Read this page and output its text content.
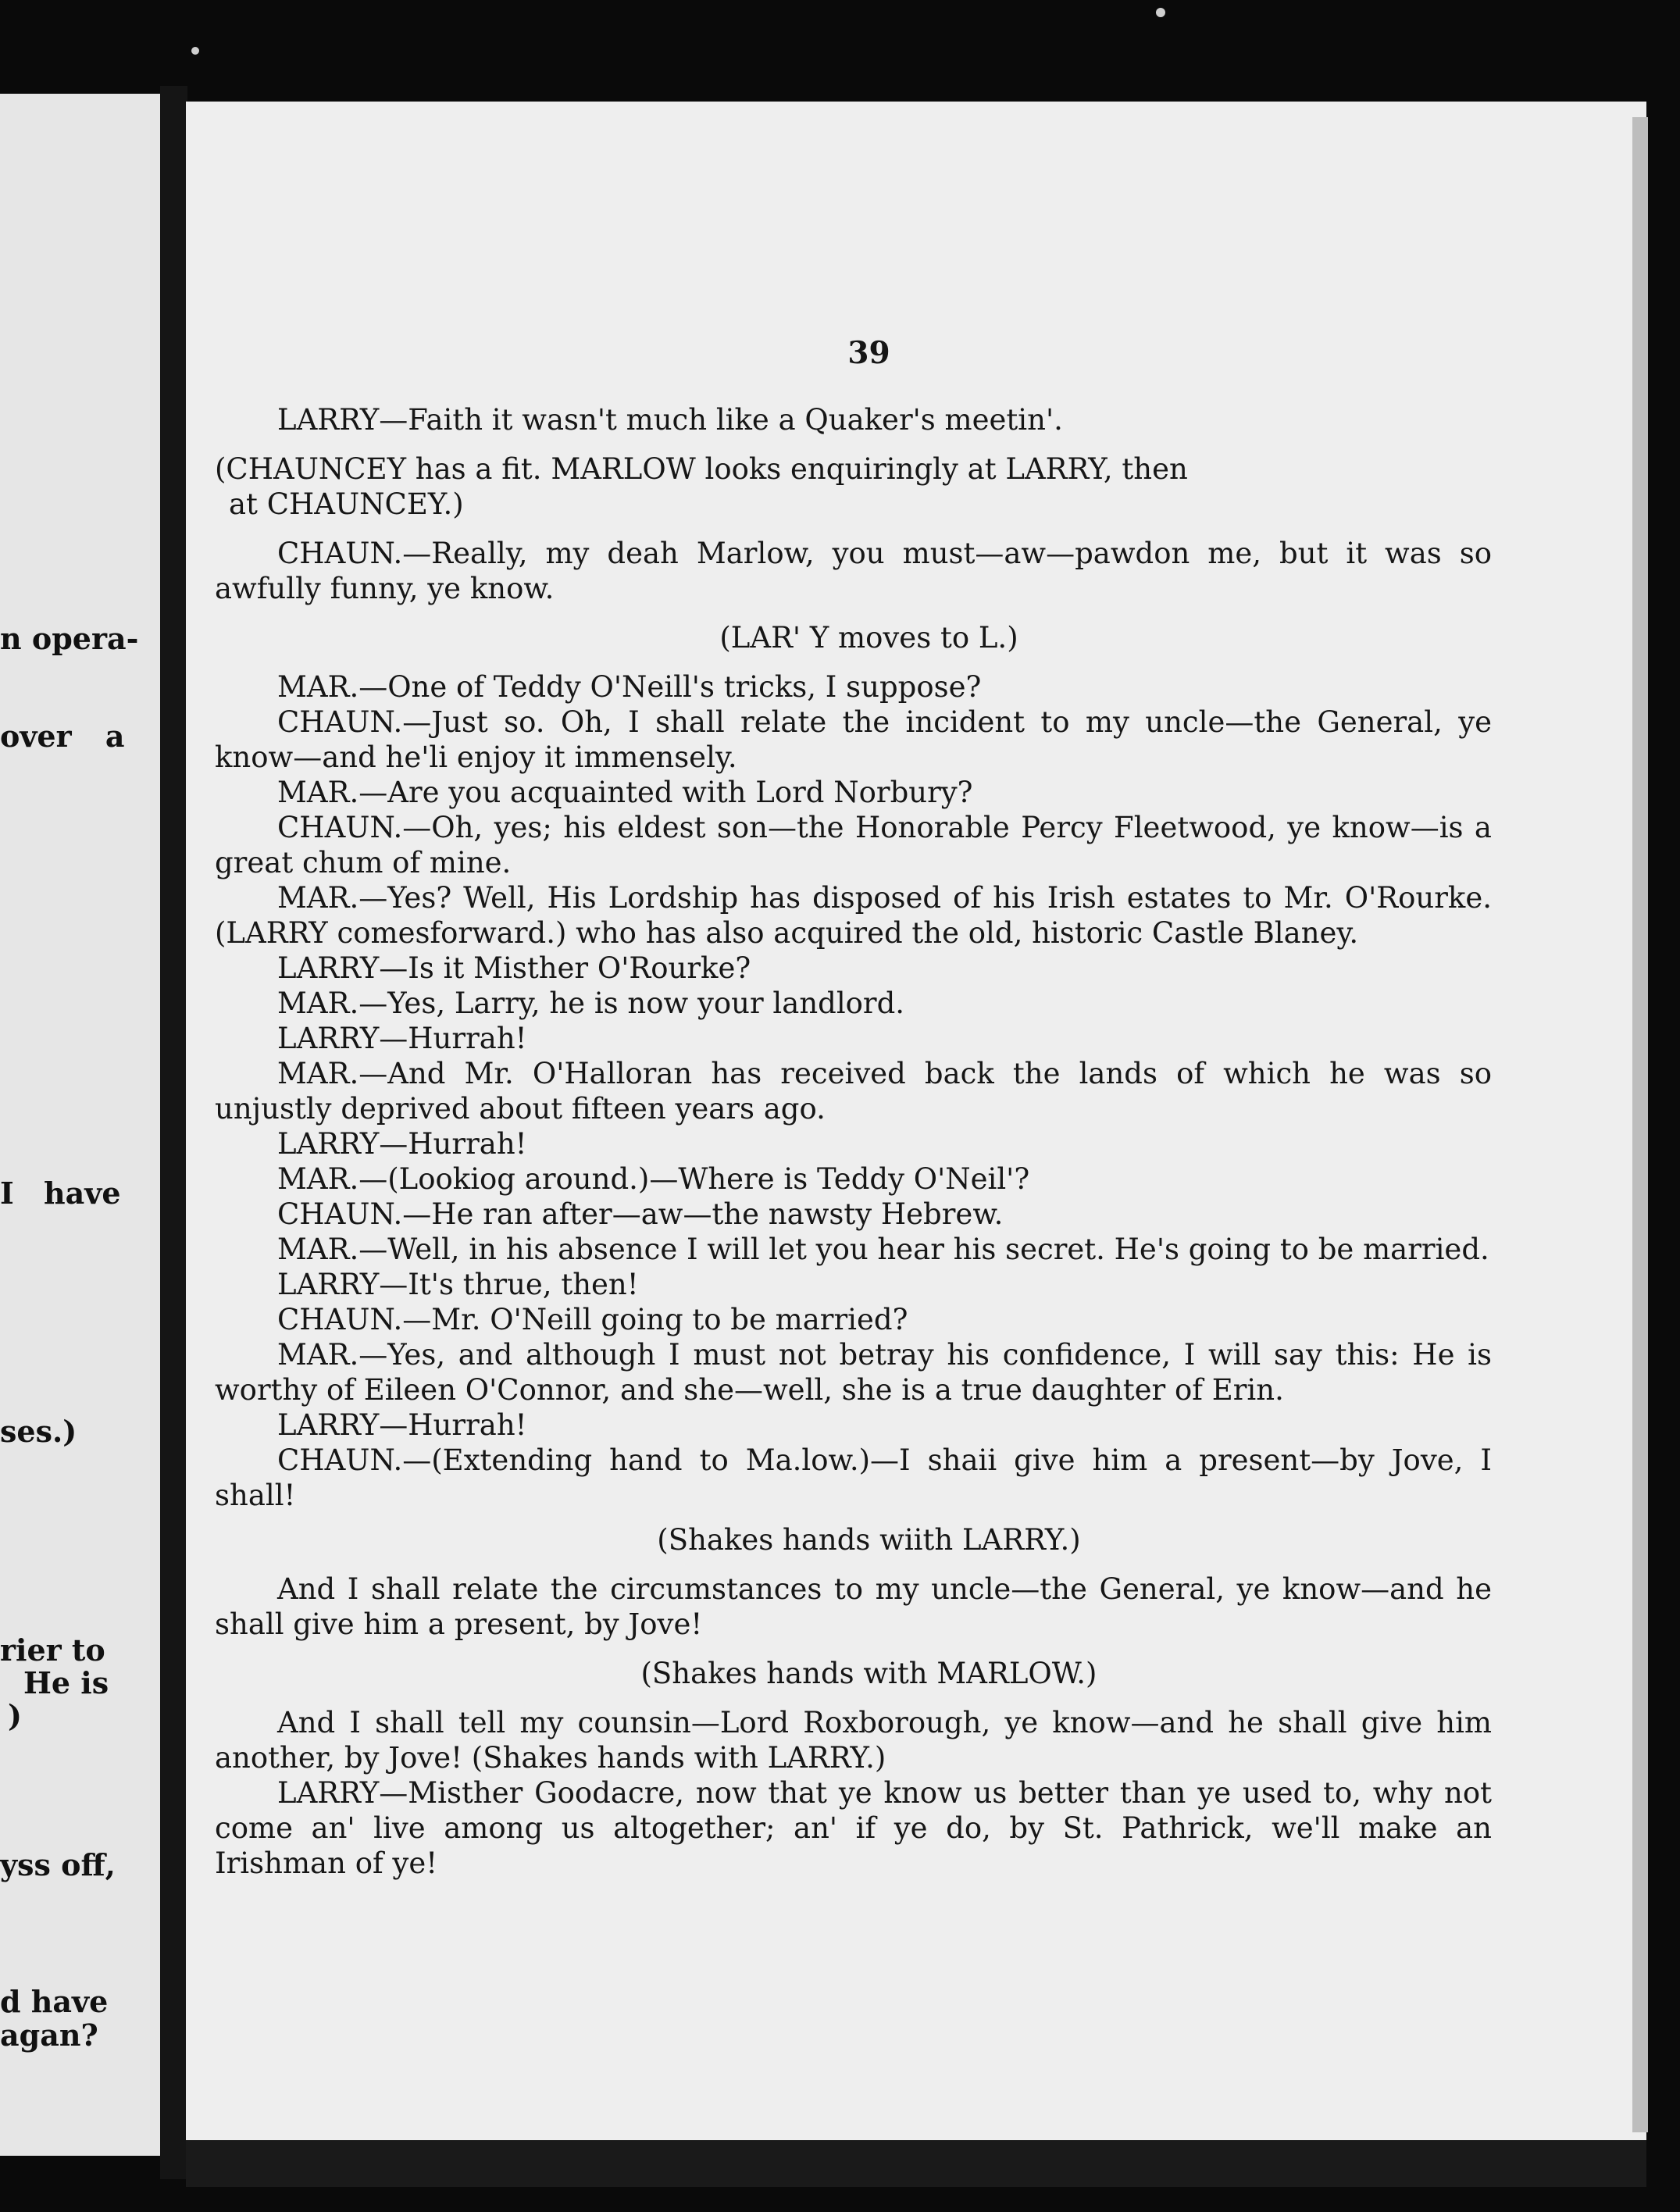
n opera-
over a
I have
ses.)
rier to
He is
)
yss off,
d have
agan?
39

LARRY—Faith it wasn't much like a Quaker's meetin'.

(CHAUNCEY has a fit. MARLOW looks enquiringly at LARRY, then
at CHAUNCEY.)

CHAUN.—Really, my deah Marlow, you must—aw—pawdon me, but it was so awfully funny, ye know.

(LAR' Y moves to L.)

MAR.—One of Teddy O'Neill's tricks, I suppose?

CHAUN.—Just so. Oh, I shall relate the incident to my uncle—the General, ye know—and he'li enjoy it immensely.

MAR.—Are you acquainted with Lord Norbury?

CHAUN.—Oh, yes; his eldest son—the Honorable Percy Fleetwood, ye know—is a great chum of mine.

MAR.—Yes? Well, His Lordship has disposed of his Irish estates to Mr. O'Rourke. (LARRY comesforward.) who has also acquired the old, historic Castle Blaney.

LARRY—Is it Misther O'Rourke?

MAR.—Yes, Larry, he is now your landlord.

LARRY—Hurrah!

MAR.—And Mr. O'Halloran has received back the lands of which he was so unjustly deprived about fifteen years ago.

LARRY—Hurrah!

MAR.—(Lookiog around.)—Where is Teddy O'Neil'?

CHAUN.—He ran after—aw—the nawsty Hebrew.

MAR.—Well, in his absence I will let you hear his secret. He's going to be married.

LARRY—It's thrue, then!

CHAUN.—Mr. O'Neill going to be married?

MAR.—Yes, and although I must not betray his confidence, I will say this: He is worthy of Eileen O'Connor, and she—well, she is a true daughter of Erin.

LARRY—Hurrah!

CHAUN.—(Extending hand to Ma.low.)—I shaii give him a present—by Jove, I shall!

(Shakes hands wiith LARRY.)

And I shall relate the circumstances to my uncle—the General, ye know—and he shall give him a present, by Jove!

(Shakes hands with MARLOW.)

And I shall tell my counsin—Lord Roxborough, ye know—and he shall give him another, by Jove! (Shakes hands with LARRY.)

LARRY—Misther Goodacre, now that ye know us better than ye used to, why not come an' live among us altogether; an' if ye do, by St. Pathrick, we'll make an Irishman of ye!
